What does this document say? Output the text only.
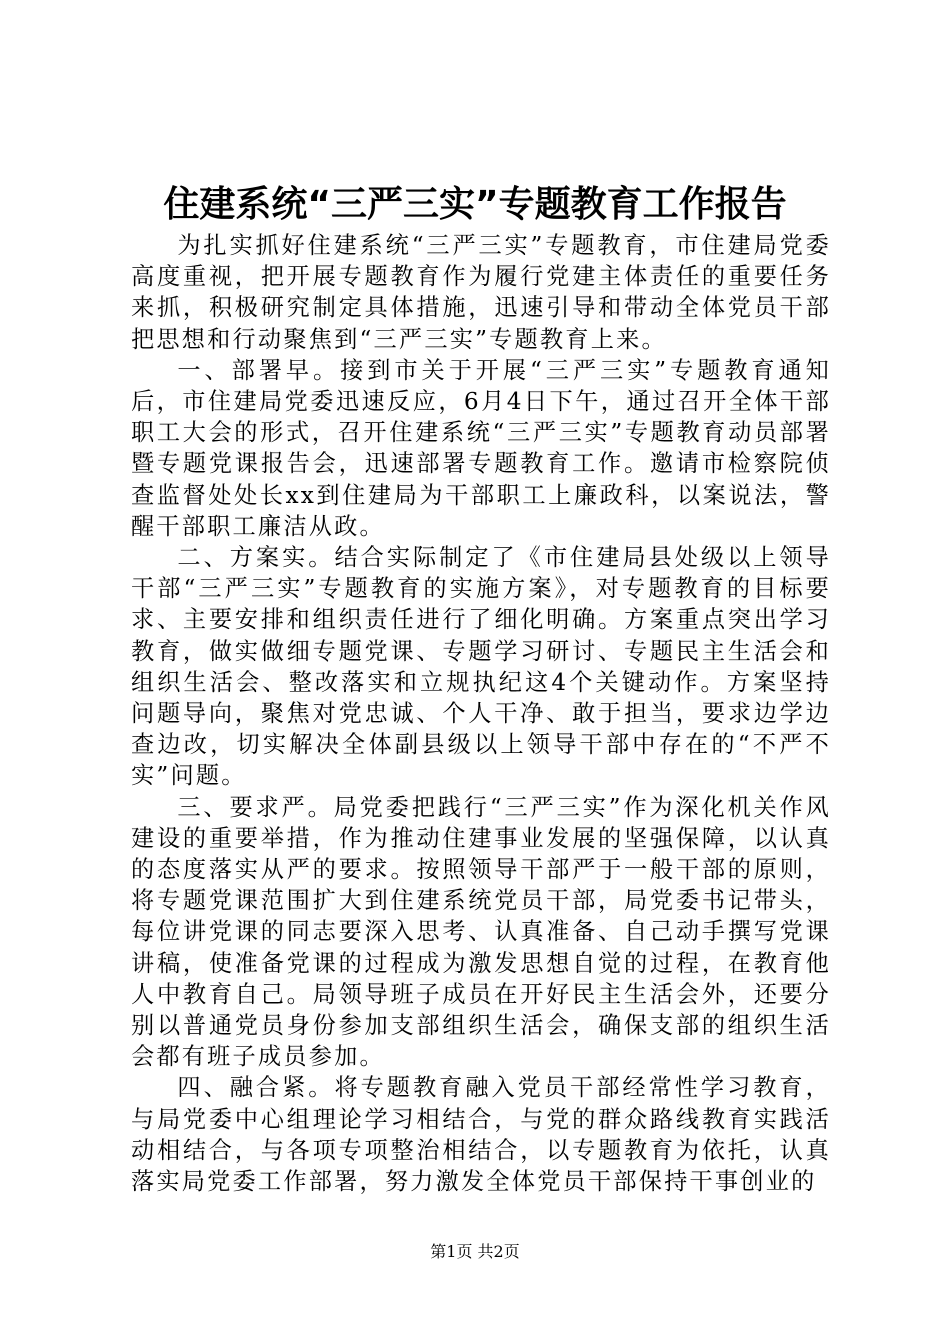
住建系统“三严三实”专题教育工作报告

为扎实抓好住建系统“三严三实”专题教育，市住建局党委高度重视，把开展专题教育作为履行党建主体责任的重要任务来抓，积极研究制定具体措施，迅速引导和带动全体党员干部把思想和行动聚焦到“三严三实”专题教育上来。

一、部署早。接到市关于开展“三严三实”专题教育通知后，市住建局党委迅速反应，6月4日下午，通过召开全体干部职工大会的形式，召开住建系统“三严三实”专题教育动员部署暨专题党课报告会，迅速部署专题教育工作。邀请市检察院侦查监督处处长xx到住建局为干部职工上廉政科，以案说法，警醒干部职工廉洁从政。

二、方案实。结合实际制定了《市住建局县处级以上领导干部“三严三实”专题教育的实施方案》，对专题教育的目标要求、主要安排和组织责任进行了细化明确。方案重点突出学习教育，做实做细专题党课、专题学习研讨、专题民主生活会和组织生活会、整改落实和立规执纪这4个关键动作。方案坚持问题导向，聚焦对党忠诚、个人干净、敢于担当，要求边学边查边改，切实解决全体副县级以上领导干部中存在的“不严不实”问题。

三、要求严。局党委把践行“三严三实”作为深化机关作风建设的重要举措，作为推动住建事业发展的坚强保障，以认真的态度落实从严的要求。按照领导干部严于一般干部的原则，将专题党课范围扩大到住建系统党员干部，局党委书记带头，每位讲党课的同志要深入思考、认真准备、自己动手撰写党课讲稿，使准备党课的过程成为激发思想自觉的过程，在教育他人中教育自己。局领导班子成员在开好民主生活会外，还要分别以普通党员身份参加支部组织生活会，确保支部的组织生活会都有班子成员参加。

四、融合紧。将专题教育融入党员干部经常性学习教育，与局党委中心组理论学习相结合，与党的群众路线教育实践活动相结合，与各项专项整治相结合，以专题教育为依托，认真落实局党委工作部署，努力激发全体党员干部保持干事创业的

第1页 共2页
